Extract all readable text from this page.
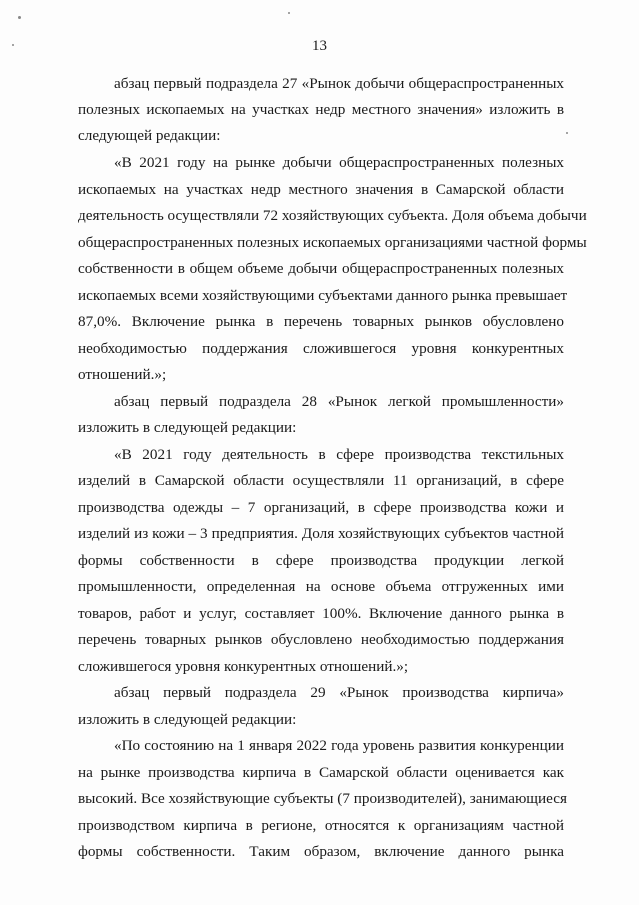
13
абзац первый подраздела 27 «Рынок добычи общераспространенных
полезных ископаемых на участках недр местного значения» изложить в
следующей редакции:
«В 2021 году на рынке добычи общераспространенных полезных
ископаемых на участках недр местного значения в Самарской области
деятельность осуществляли 72 хозяйствующих субъекта. Доля объема добычи
общераспространенных полезных ископаемых организациями частной формы
собственности в общем объеме добычи общераспространенных полезных
ископаемых всеми хозяйствующими субъектами данного рынка превышает
87,0%. Включение рынка в перечень товарных рынков обусловлено
необходимостью поддержания сложившегося уровня конкурентных
отношений.»;
абзац первый подраздела 28 «Рынок легкой промышленности»
изложить в следующей редакции:
«В 2021 году деятельность в сфере производства текстильных
изделий в Самарской области осуществляли 11 организаций, в сфере
производства одежды – 7 организаций, в сфере производства кожи и
изделий из кожи – 3 предприятия. Доля хозяйствующих субъектов частной
формы собственности в сфере производства продукции легкой
промышленности, определенная на основе объема отгруженных ими
товаров, работ и услуг, составляет 100%. Включение данного рынка в
перечень товарных рынков обусловлено необходимостью поддержания
сложившегося уровня конкурентных отношений.»;
абзац первый подраздела 29 «Рынок производства кирпича»
изложить в следующей редакции:
«По состоянию на 1 января 2022 года уровень развития конкуренции
на рынке производства кирпича в Самарской области оценивается как
высокий. Все хозяйствующие субъекты (7 производителей), занимающиеся
производством кирпича в регионе, относятся к организациям частной
формы собственности. Таким образом, включение данного рынка
